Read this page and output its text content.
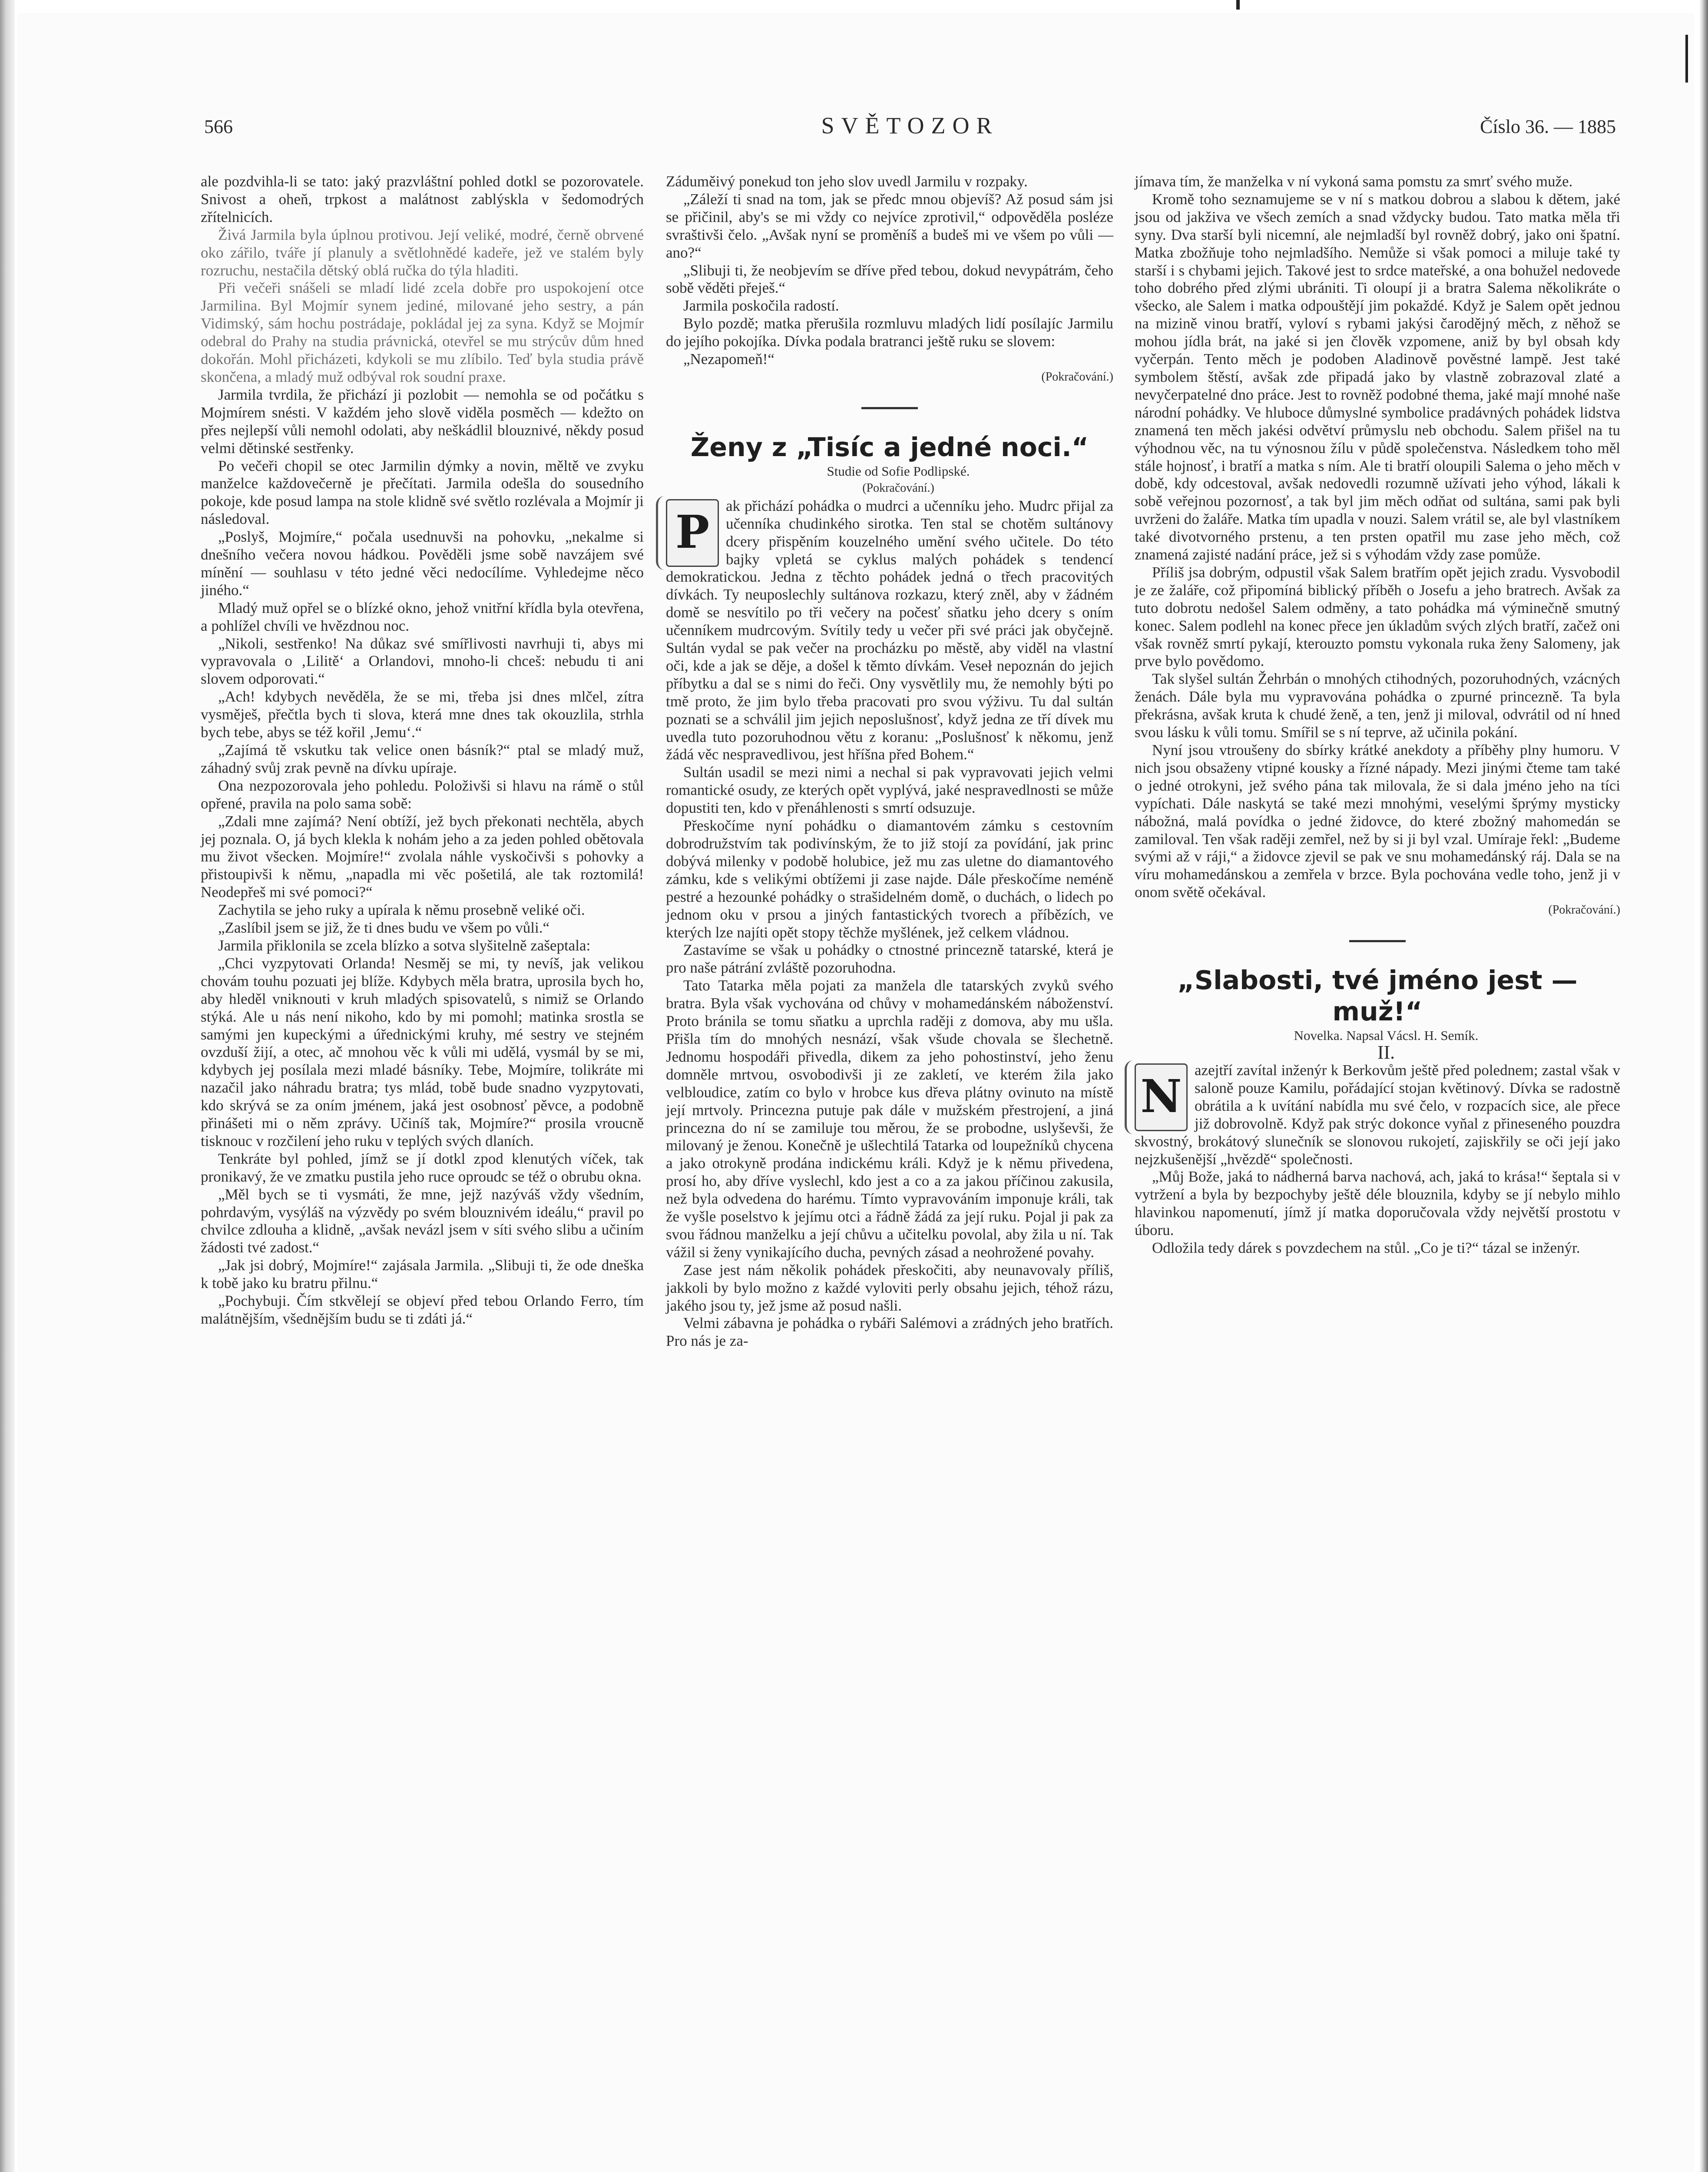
566	SVĚTOZOR	Číslo 36. — 1885

ale pozdvihla-li se tato: jaký prazvláštní pohled dotkl se pozorovatele. Snivost a oheň, trpkost a malátnost zablýskla v šedomodrých zřítelnicích.

Živá Jarmila byla úplnou protivou. Její veliké, modré, černě obrvené oko zářilo, tváře jí planuly a světlohnědé kadeře, jež ve stalém byly rozruchu, nestačila dětský oblá ručka do týla hladiti.

Při večeři snášeli se mladí lidé zcela dobře pro uspokojení otce Jarmilina. Byl Mojmír synem jediné, milované jeho sestry, a pán Vidimský, sám hochu postrádaje, pokládal jej za syna. Když se Mojmír odebral do Prahy na studia právnická, otevřel se mu strýcův dům hned dokořán. Mohl přicházeti, kdykoli se mu zlíbilo. Teď byla studia právě skončena, a mladý muž odbýval rok soudní praxe.

Jarmila tvrdila, že přichází ji pozlobit — nemohla se od počátku s Mojmírem snésti. V každém jeho slově viděla posměch — kdežto on přes nejlepší vůli nemohl odolati, aby neškádlil blouznivé, někdy posud velmi dětinské sestřenky.

Po večeři chopil se otec Jarmilin dýmky a novin, měltě ve zvyku manželce každovečerně je přečítati. Jarmila odešla do sousedního pokoje, kde posud lampa na stole klidně své světlo rozlévala a Mojmír ji následoval.

„Poslyš, Mojmíre,“ počala usednuvši na pohovku, „nekalme si dnešního večera novou hádkou. Pověděli jsme sobě navzájem své mínění — souhlasu v této jedné věci nedocílíme. Vyhledejme něco jiného.“

Mladý muž opřel se o blízké okno, jehož vnitřní křídla byla otevřena, a pohlížel chvíli ve hvězdnou noc.

„Nikoli, sestřenko! Na důkaz své smířlivosti navrhuji ti, abys mi vypravovala o ‚Lilitě‘ a Orlandovi, mnoho-li chceš: nebudu ti ani slovem odporovati.“

„Ach! kdybych nevěděla, že se mi, třeba jsi dnes mlčel, zítra vysměješ, přečtla bych ti slova, která mne dnes tak okouzlila, strhla bych tebe, abys se též kořil ‚Jemu‘.“

„Zajímá tě vskutku tak velice onen básník?“ ptal se mladý muž, záhadný svůj zrak pevně na dívku upíraje.

Ona nezpozorovala jeho pohledu. Položivši si hlavu na rámě o stůl opřené, pravila na polo sama sobě:

„Zdali mne zajímá? Není obtíží, jež bych překonati nechtěla, abych jej poznala. O, já bych klekla k nohám jeho a za jeden pohled obětovala mu život všecken. Mojmíre!“ zvolala náhle vyskočivši s pohovky a přistoupivši k němu, „napadla mi věc pošetilá, ale tak roztomilá! Neodepřeš mi své pomoci?“

Zachytila se jeho ruky a upírala k němu prosebně veliké oči.

„Zaslíbil jsem se již, že ti dnes budu ve všem po vůli.“

Jarmila přiklonila se zcela blízko a sotva slyšitelně zašeptala:

„Chci vyzpytovati Orlanda! Nesměj se mi, ty nevíš, jak velikou chovám touhu pozuati jej blíže. Kdybych měla bratra, uprosila bych ho, aby hleděl vniknouti v kruh mladých spisovatelů, s nimiž se Orlando stýká. Ale u nás není nikoho, kdo by mi pomohl; matinka srostla se samými jen kupeckými a úřednickými kruhy, mé sestry ve stejném ovzduší žijí, a otec, ač mnohou věc k vůli mi udělá, vysmál by se mi, kdybych jej posílala mezi mladé básníky. Tebe, Mojmíre, tolikráte mi nazačil jako náhradu bratra; tys mlád, tobě bude snadno vyzpytovati, kdo skrývá se za oním jménem, jaká jest osobnosť pěvce, a podobně přinášeti mi o něm zprávy. Učiníš tak, Mojmíre?“ prosila vroucně tisknouc v rozčilení jeho ruku v teplých svých dlaních.

Tenkráte byl pohled, jímž se jí dotkl zpod klenutých víček, tak pronikavý, že ve zmatku pustila jeho ruce oproudc se též o obrubu okna.

„Měl bych se ti vysmáti, že mne, jejž nazýváš vždy všedním, pohrdavým, vysýláš na výzvědy po svém blouznivém ideálu,“ pravil po chvilce zdlouha a klidně, „avšak nevázl jsem v síti svého slibu a učiním žádosti tvé zadost.“

„Jak jsi dobrý, Mojmíre!“ zajásala Jarmila. „Slibuji ti, že ode dneška k tobě jako ku bratru přilnu.“

„Pochybuji. Čím stkvělejí se objeví před tebou Orlando Ferro, tím malátnějším, všednějším budu se ti zdáti já.“

Záduměivý ponekud ton jeho slov uvedl Jarmilu v rozpaky.

„Záleží ti snad na tom, jak se předc mnou objevíš? Až posud sám jsi se přičinil, aby's se mi vždy co nejvíce zprotivil,“ odpověděla posléze svraštivši čelo. „Avšak nyní se proměníš a budeš mi ve všem po vůli — ano?“

„Slibuji ti, že neobjevím se dříve před tebou, dokud nevypátrám, čeho sobě věděti přeješ.“

Jarmila poskočila radostí.

Bylo pozdě; matka přerušila rozmluvu mladých lidí posílajíc Jarmilu do jejího pokojíka. Dívka podala bratranci ještě ruku se slovem:

„Nezapomeň!“

(Pokračování.)

Ženy z „Tisíc a jedné noci.“

Studie od Sofie Podlipské.

(Pokračování.)

P	ak přichází pohádka o mudrci a učenníku jeho. Mudrc přijal za učenníka chudinkého sirotka. Ten stal se chotěm sultánovy dcery přispěním kouzelného umění svého učitele. Do této bajky vpletá se cyklus malých pohádek s tendencí demokratickou. Jedna z těchto pohádek jedná o třech pracovitých dívkách. Ty neuposlechly sultánova rozkazu, který zněl, aby v žádném domě se nesvítilo po tři večery na počesť sňatku jeho dcery s oním učenníkem mudrcovým. Svítily tedy u večer při své práci jak obyčejně. Sultán vydal se pak večer na procházku po městě, aby viděl na vlastní oči, kde a jak se děje, a došel k těmto dívkám. Veseł nepoznán do jejich příbytku a dal se s nimi do řeči. Ony vysvětlily mu, že nemohly býti po tmě proto, že jim bylo třeba pracovati pro svou výživu. Tu dal sultán poznati se a schválil jim jejich neposlušnosť, když jedna ze tří dívek mu uvedla tuto pozoruhodnou větu z koranu: „Poslušnosť k někomu, jenž žádá věc nespravedlivou, jest hříšna před Bohem.“

Sultán usadil se mezi nimi a nechal si pak vypravovati jejich velmi romantické osudy, ze kterých opět vyplývá, jaké nespravedlnosti se může dopustiti ten, kdo v přenáhlenosti s smrtí odsuzuje.

Přeskočíme nyní pohádku o diamantovém zámku s cestovním dobrodružstvím tak podivínským, že to již stojí za povídání, jak princ dobývá milenky v podobě holubice, jež mu zas uletne do diamantového zámku, kde s velikými obtížemi ji zase najde. Dále přeskočíme neméně pestré a hezounké pohádky o strašidelném domě, o duchách, o lidech po jednom oku v prsou a jiných fantastických tvorech a příbězích, ve kterých lze najíti opět stopy těchže myšlének, jež celkem vládnou.

Zastavíme se však u pohádky o ctnostné princezně tatarské, která je pro naše pátrání zvláště pozoruhodna.

Tato Tatarka měla pojati za manžela dle tatarských zvyků svého bratra. Byla však vychována od chůvy v mohamedánském náboženství. Proto bránila se tomu sňatku a uprchla raději z domova, aby mu ušla. Přišla tím do mnohých nesnází, však všude chovala se šlechetně. Jednomu hospodáři přivedla, dikem za jeho pohostinství, jeho ženu domněle mrtvou, osvobodivši ji ze zakletí, ve kterém žila jako velbloudice, zatím co bylo v hrobce kus dřeva plátny ovinuto na místě její mrtvoly. Princezna putuje pak dále v mužském přestrojení, a jiná princezna do ní se zamiluje tou měrou, že se probodne, uslyševši, že milovaný je ženou. Konečně je ušlechtilá Tatarka od loupežníků chycena a jako otrokyně prodána indickému králi. Když je k němu přivedena, prosí ho, aby dříve vyslechl, kdo jest a co a za jakou příčinou zakusila, než byla odvedena do harému. Tímto vypravováním imponuje králi, tak že vyšle poselstvo k jejímu otci a řádně žádá za její ruku. Pojal ji pak za svou řádnou manželku a její chůvu a učitelku povolal, aby žila u ní. Tak vážil si ženy vynikajícího ducha, pevných zásad a neohrožené povahy.

Zase jest nám několik pohádek přeskočiti, aby neunavovaly příliš, jakkoli by bylo možno z každé vyloviti perly obsahu jejich, téhož rázu, jakého jsou ty, jež jsme až posud našli.

Velmi zábavna je pohádka o rybáři Salémovi a zrádných jeho bratřích. Pro nás je za-

jímava tím, že manželka v ní vykoná sama pomstu za smrť svého muže.

Kromě toho seznamujeme se v ní s matkou dobrou a slabou k dětem, jaké jsou od jakživa ve všech zemích a snad vždycky budou. Tato matka měla tři syny. Dva starší byli nicemní, ale nejmladší byl rovněž dobrý, jako oni špatní. Matka zbožňuje toho nejmladšího. Nemůže si však pomoci a miluje také ty starší i s chybami jejich. Takové jest to srdce mateřské, a ona bohužel nedovede toho dobrého před zlými ubrániti. Ti oloupí ji a bratra Salema několikráte o všecko, ale Salem i matka odpouštějí jim pokaždé. Když je Salem opět jednou na mizině vinou bratří, vyloví s rybami jakýsi čarodějný měch, z něhož se mohou jídla brát, na jaké si jen člověk vzpomene, aniž by byl obsah kdy vyčerpán. Tento měch je podoben Aladinově pověstné lampě. Jest také symbolem štěstí, avšak zde připadá jako by vlastně zobrazoval zlaté a nevyčerpatelné dno práce. Jest to rovněž podobné thema, jaké mají mnohé naše národní pohádky. Ve hluboce důmyslné symbolice pradávných pohádek lidstva znamená ten měch jakési odvětví průmyslu neb obchodu. Salem přišel na tu výhodnou věc, na tu výnosnou žílu v půdě společenstva. Následkem toho měl stále hojnosť, i bratří a matka s ním. Ale ti bratří oloupili Salema o jeho měch v době, kdy odcestoval, avšak nedovedli rozumně užívati jeho výhod, lákali k sobě veřejnou pozornosť, a tak byl jim měch odňat od sultána, sami pak byli uvrženi do žaláře. Matka tím upadla v nouzi. Salem vrátil se, ale byl vlastníkem také divotvorného prstenu, a ten prsten opatřil mu zase jeho měch, což znamená zajisté nadání práce, jež si s výhodám vždy zase pomůže.

Příliš jsa dobrým, odpustil však Salem bratřím opět jejich zradu. Vysvobodil je ze žaláře, což připomíná biblický příběh o Josefu a jeho bratrech. Avšak za tuto dobrotu nedošel Salem odměny, a tato pohádka má výminečně smutný konec. Salem podlehl na konec přece jen úkladům svých zlých bratří, začež oni však rovněž smrtí pykají, kterouzto pomstu vykonala ruka ženy Salomeny, jak prve bylo povědomo.

Tak slyšel sultán Žehrbán o mnohých ctihodných, pozoruhodných, vzácných ženách. Dále byla mu vypravována pohádka o zpurné princezně. Ta byla překrásna, avšak kruta k chudé ženě, a ten, jenž ji miloval, odvrátil od ní hned svou lásku k vůli tomu. Smířil se s ní teprve, až učinila pokání.

Nyní jsou vtroušeny do sbírky krátké anekdoty a příběhy plny humoru. V nich jsou obsaženy vtipné kousky a řízné nápady. Mezi jinými čteme tam také o jedné otrokyni, jež svého pána tak milovala, že si dala jméno jeho na tíci vypíchati. Dále naskytá se také mezi mnohými, veselými šprýmy mysticky nábožná, malá povídka o jedné židovce, do které zbožný mahomedán se zamiloval. Ten však raději zemřel, než by si ji byl vzal. Umíraje řekl: „Budeme svými až v ráji,“ a židovce zjevil se pak ve snu mohamedánský ráj. Dala se na víru mohamedánskou a zemřela v brzce. Byla pochována vedle toho, jenž ji v onom světě očekával.

(Pokračování.)

„Slabosti, tvé jméno jest — muž!“

Novelka. Napsal Vácsl. H. Semík.

II.

N azejtří zavítal inženýr k Berkovům ještě před polednem; zastal však v saloně pouze Kamilu, pořádající stojan květinový. Dívka se radostně obrátila a k uvítání nabídla mu své čelo, v rozpacích sice, ale přece již dobrovolně. Když pak strýc dokonce vyňal z přineseného pouzdra skvostný, brokátový slunečník se slonovou rukojetí, zajiskřily se oči její jako nejzkušenější „hvězdě“ společnosti.

„Můj Bože, jaká to nádherná barva nachová, ach, jaká to krása!“ šeptala si v vytržení a byla by bezpochyby ještě déle blouznila, kdyby se jí nebylo mihlo hlavinkou napomenutí, jímž jí matka doporučovala vždy největší prostotu v úboru.

Odložila tedy dárek s povzdechem na stůl. „Co je ti?“ tázal se inženýr.
